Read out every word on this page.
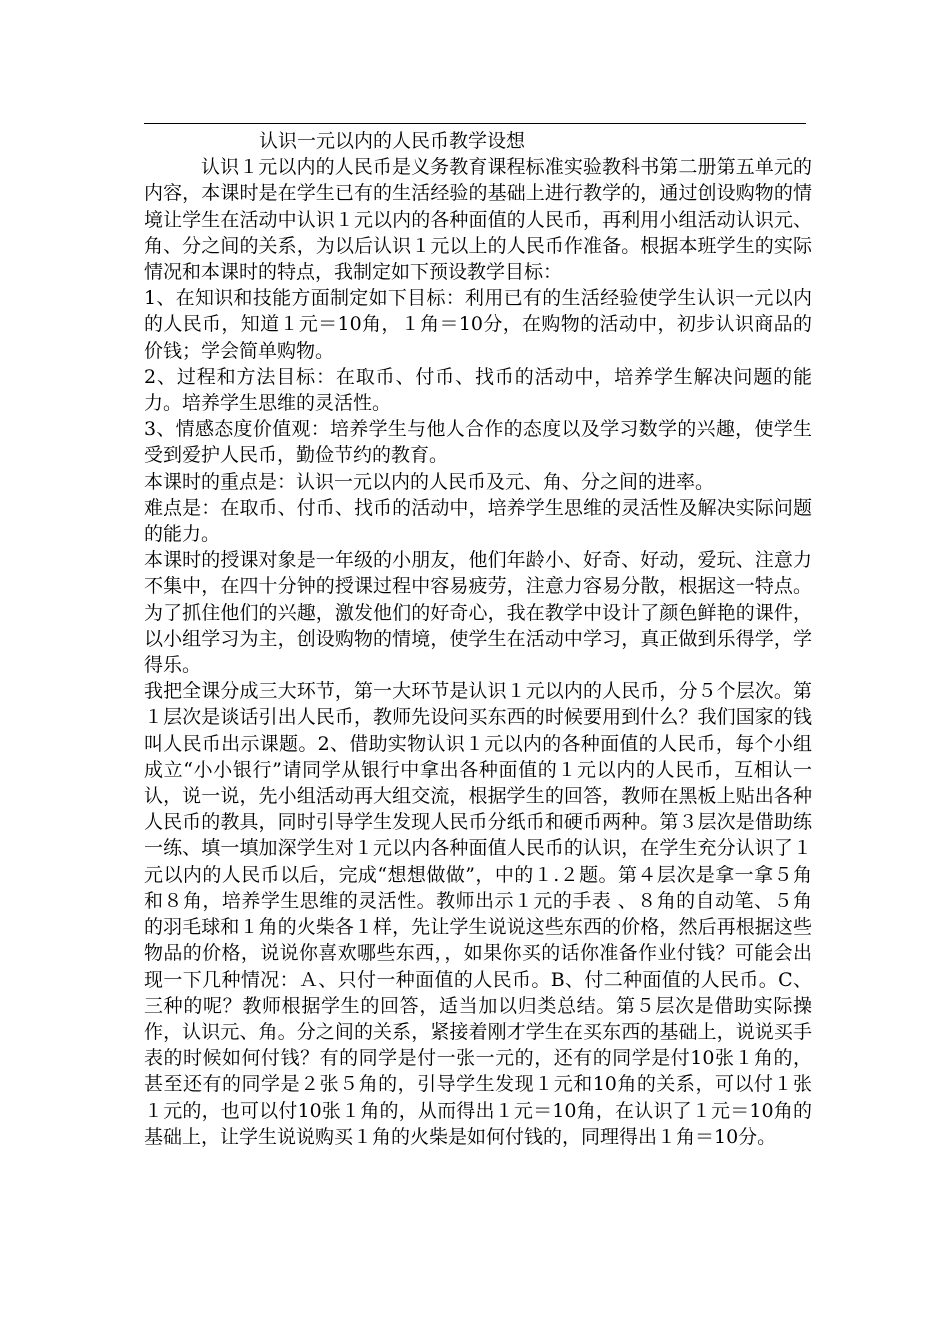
认识一元以内的人民币教学设想

认识１元以内的人民币是义务教育课程标准实验教科书第二册第五单元的内容，本课时是在学生已有的生活经验的基础上进行教学的，通过创设购物的情境让学生在活动中认识１元以内的各种面值的人民币，再利用小组活动认识元、角、分之间的关系，为以后认识１元以上的人民币作准备。根据本班学生的实际情况和本课时的特点，我制定如下预设教学目标：

1、在知识和技能方面制定如下目标：利用已有的生活经验使学生认识一元以内的人民币，知道１元＝10角，１角＝10分，在购物的活动中，初步认识商品的价钱；学会简单购物。

2、过程和方法目标：在取币、付币、找币的活动中，培养学生解决问题的能力。培养学生思维的灵活性。

3、情感态度价值观：培养学生与他人合作的态度以及学习数学的兴趣，使学生受到爱护人民币，勤俭节约的教育。

本课时的重点是：认识一元以内的人民币及元、角、分之间的进率。

难点是：在取币、付币、找币的活动中，培养学生思维的灵活性及解决实际问题的能力。

本课时的授课对象是一年级的小朋友，他们年龄小、好奇、好动，爱玩、注意力不集中，在四十分钟的授课过程中容易疲劳，注意力容易分散，根据这一特点。为了抓住他们的兴趣，激发他们的好奇心，我在教学中设计了颜色鲜艳的课件，以小组学习为主，创设购物的情境，使学生在活动中学习，真正做到乐得学，学得乐。

我把全课分成三大环节，第一大环节是认识１元以内的人民币，分５个层次。第１层次是谈话引出人民币，教师先设问买东西的时候要用到什么？我们国家的钱叫人民币出示课题。2、借助实物认识１元以内的各种面值的人民币，每个小组成立“小小银行”请同学从银行中拿出各种面值的１元以内的人民币，互相认一认，说一说，先小组活动再大组交流，根据学生的回答，教师在黑板上贴出各种人民币的教具，同时引导学生发现人民币分纸币和硬币两种。第３层次是借助练一练、填一填加深学生对１元以内各种面值人民币的认识，在学生充分认识了１元以内的人民币以后，完成“想想做做”，中的１.２题。第４层次是拿一拿５角和８角，培养学生思维的灵活性。教师出示１元的手表 、８角的自动笔、５角的羽毛球和１角的火柴各１样，先让学生说说这些东西的价格，然后再根据这些物品的价格，说说你喜欢哪些东西，，如果你买的话你准备作业付钱？可能会出现一下几种情况：Ａ、只付一种面值的人民币。B、付二种面值的人民币。C、三种的呢？教师根据学生的回答，适当加以归类总结。第５层次是借助实际操作，认识元、角。分之间的关系，紧接着刚才学生在买东西的基础上，说说买手表的时候如何付钱？有的同学是付一张一元的，还有的同学是付10张１角的，甚至还有的同学是２张５角的，引导学生发现１元和10角的关系，可以付１张１元的，也可以付10张１角的，从而得出１元＝10角，在认识了１元＝10角的基础上，让学生说说购买１角的火柴是如何付钱的，同理得出１角＝10分。
